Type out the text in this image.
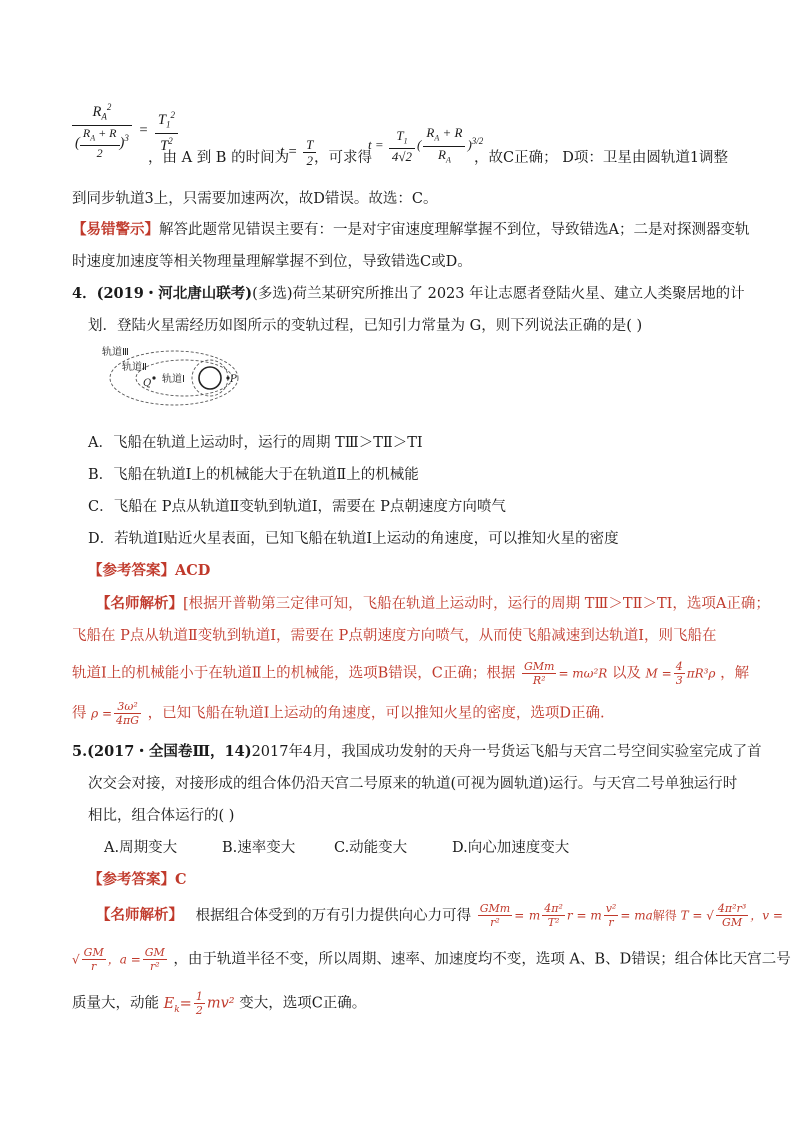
$\frac{R_A^2}{( \frac{R_A + R}{2} )^3} = \frac{T_1^2}{T^2}$
，由 A 到 B 的时间为
$t = \frac{T}{2}$
，可求得
$t = \frac{T_1}{4√2}$ ( $\frac{R_A + R}{R_A} )^{3/2}$
，故C正确； D项：卫星由圆轨道1调整
到同步轨道3上，只需要加速两次，故D错误。故选：C。
【易错警示】解答此题常见错误主要有：一是对宇宙速度理解掌握不到位，导致错选A；二是对探测器变轨
时速度加速度等相关物理量理解掌握不到位，导致错选C或D。
4．(2019・河北唐山联考)(多选)荷兰某研究所推出了 2023 年让志愿者登陆火星、建立人类聚居地的计
划．登陆火星需经历如图所示的变轨过程，已知引力常量为 G，则下列说法正确的是( )
轨道Ⅲ
轨道Ⅱ
轨道Ⅰ
Q	P
A．飞船在轨道上运动时，运行的周期 TⅢ＞TⅡ＞TⅠ
B．飞船在轨道Ⅰ上的机械能大于在轨道Ⅱ上的机械能
C．飞船在 P点从轨道Ⅱ变轨到轨道Ⅰ，需要在 P点朝速度方向喷气
D．若轨道Ⅰ贴近火星表面，已知飞船在轨道Ⅰ上运动的角速度，可以推知火星的密度
【参考答案】ACD
【名师解析】[根据开普勒第三定律可知，飞船在轨道上运动时，运行的周期 TⅢ＞TⅡ＞TⅠ，选项A正确；
飞船在 P点从轨道Ⅱ变轨到轨道Ⅰ，需要在 P点朝速度方向喷气，从而使飞船减速到达轨道Ⅰ，则飞船在
轨道Ⅰ上的机械能小于在轨道Ⅱ上的机械能，选项B错误，C正确；根据 GMm
R²	= mω²R 以及 $M = \frac{4}{3} \pi R^3\rho$ ，解
得 $\rho = \frac{\text{3ω²}}{4\pi G}$ ，已知飞船在轨道Ⅰ上运动的角速度，可以推知火星的密度，选项D正确.
5.(2017・全国卷Ⅲ，14)2017年4月，我国成功发射的天舟一号货运飞船与天宫二号空间实验室完成了首
次交会对接，对接形成的组合体仍沿天宫二号原来的轨道(可视为圆轨道)运行。与天宫二号单独运行时
相比，组合体运行的( )
A.周期变大	B.速率变大	C.动能变大	D.向心加速度变大
【参考答案】C
【名师解析】 根据组合体受到的万有引力提供向心力可得 GMm
r²	= m $\frac{\text{4π²}}{\text{T²}}$ r = m $\frac{\text{v²}}{r}$ = ma解得 T = √ $\frac{\text{4π²r³}}{GM}$ ，v =
√ $\frac{GM}{r}$ ，$a = \frac{GM}{\text{r²}}$ ，由于轨道半径不变，所以周期、速率、加速度均不变，选项 A、B、D错误；组合体比天宫二号
质量大，动能 $E_k= \frac{1}{2} mv^2$ 变大，选项C正确。
